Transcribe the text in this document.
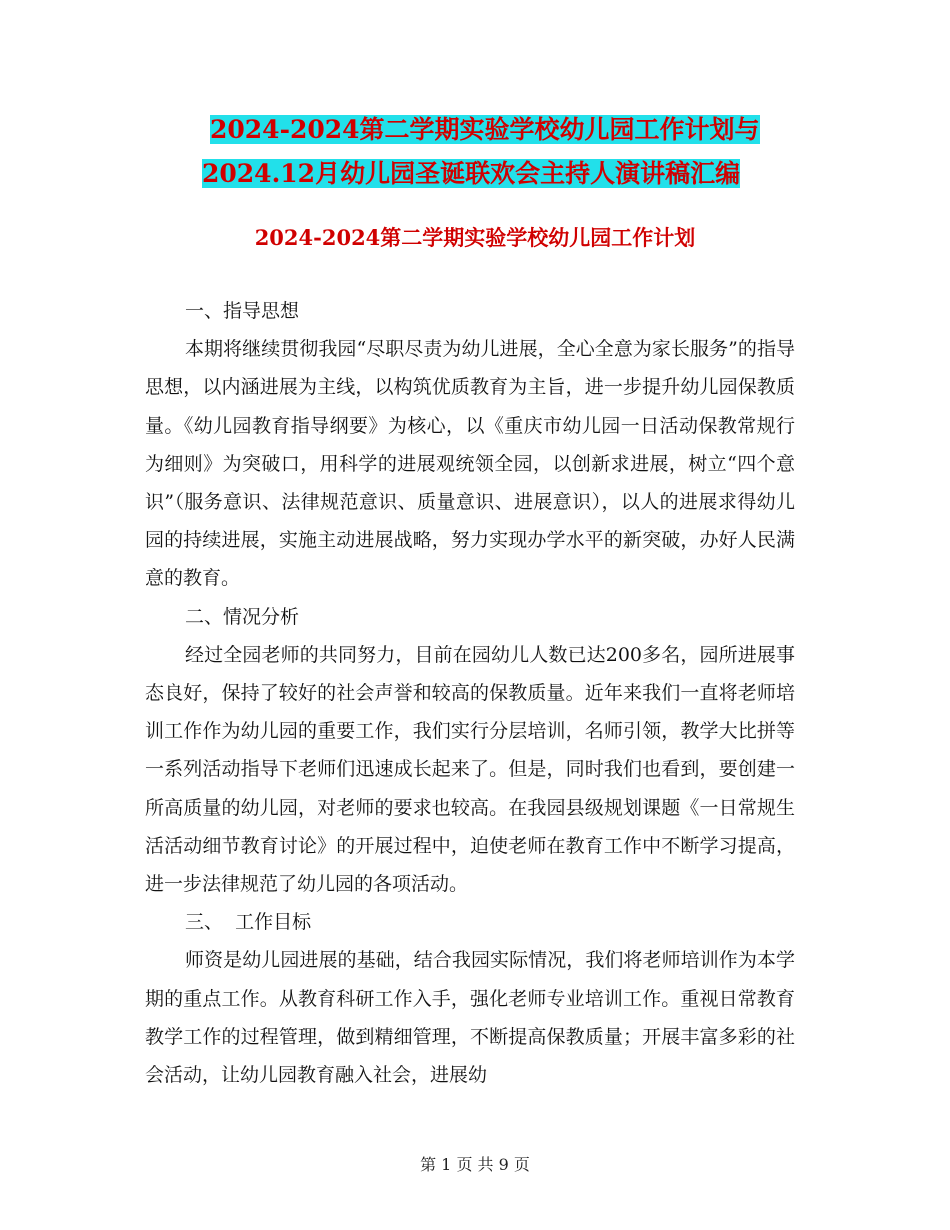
2024-2024第二学期实验学校幼儿园工作计划与
2024.12月幼儿园圣诞联欢会主持人演讲稿汇编
2024-2024第二学期实验学校幼儿园工作计划

一、指导思想

本期将继续贯彻我园“尽职尽责为幼儿进展，全心全意为家长服务”的指导思想，以内涵进展为主线，以构筑优质教育为主旨，进一步提升幼儿园保教质量。《幼儿园教育指导纲要》为核心，以《重庆市幼儿园一日活动保教常规行为细则》为突破口，用科学的进展观统领全园，以创新求进展，树立“四个意识”（服务意识、法律规范意识、质量意识、进展意识），以人的进展求得幼儿园的持续进展，实施主动进展战略，努力实现办学水平的新突破，办好人民满意的教育。

二、情况分析

经过全园老师的共同努力，目前在园幼儿人数已达200多名，园所进展事态良好，保持了较好的社会声誉和较高的保教质量。近年来我们一直将老师培训工作作为幼儿园的重要工作，我们实行分层培训，名师引领，教学大比拼等一系列活动指导下老师们迅速成长起来了。但是，同时我们也看到，要创建一所高质量的幼儿园，对老师的要求也较高。在我园县级规划课题《一日常规生活活动细节教育讨论》的开展过程中，迫使老师在教育工作中不断学习提高，进一步法律规范了幼儿园的各项活动。

三、  工作目标

师资是幼儿园进展的基础，结合我园实际情况，我们将老师培训作为本学期的重点工作。从教育科研工作入手，强化老师专业培训工作。重视日常教育教学工作的过程管理，做到精细管理，不断提高保教质量；开展丰富多彩的社会活动，让幼儿园教育融入社会，进展幼

第 1 页 共 9 页
